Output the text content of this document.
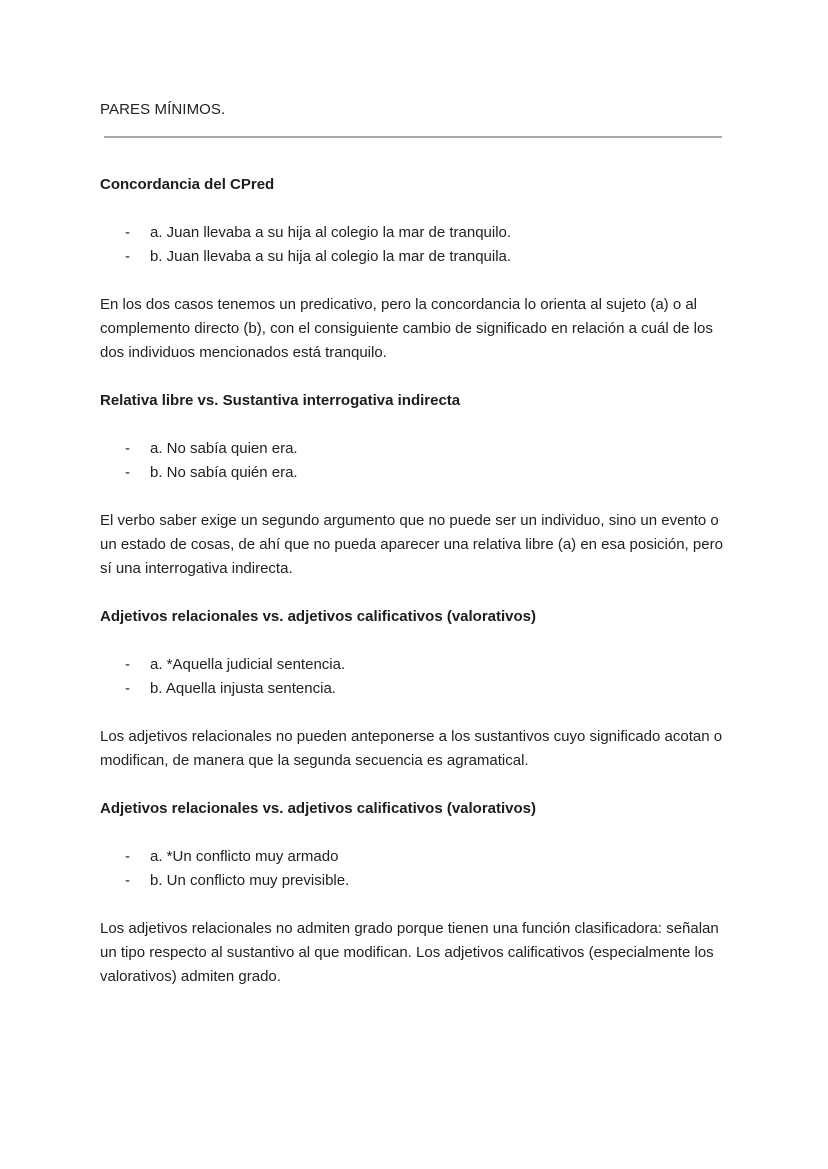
PARES MÍNIMOS.

Concordancia del CPred

- a. Juan llevaba a su hija al colegio la mar de tranquilo.
- b. Juan llevaba a su hija al colegio la mar de tranquila.

En los dos casos tenemos un predicativo, pero la concordancia lo orienta al sujeto (a) o al complemento directo (b), con el consiguiente cambio de significado en relación a cuál de los dos individuos mencionados está tranquilo.

Relativa libre vs. Sustantiva interrogativa indirecta

- a. No sabía quien era.
- b. No sabía quién era.

El verbo saber exige un segundo argumento que no puede ser un individuo, sino un evento o un estado de cosas, de ahí que no pueda aparecer una relativa libre (a) en esa posición, pero sí una interrogativa indirecta.

Adjetivos relacionales vs. adjetivos calificativos (valorativos)

- a. *Aquella judicial sentencia.
- b. Aquella injusta sentencia.

Los adjetivos relacionales no pueden anteponerse a los sustantivos cuyo significado acotan o modifican, de manera que la segunda secuencia es agramatical.

Adjetivos relacionales vs. adjetivos calificativos (valorativos)

- a. *Un conflicto muy armado
- b. Un conflicto muy previsible.

Los adjetivos relacionales no admiten grado porque tienen una función clasificadora: señalan un tipo respecto al sustantivo al que modifican. Los adjetivos calificativos (especialmente los valorativos) admiten grado.
